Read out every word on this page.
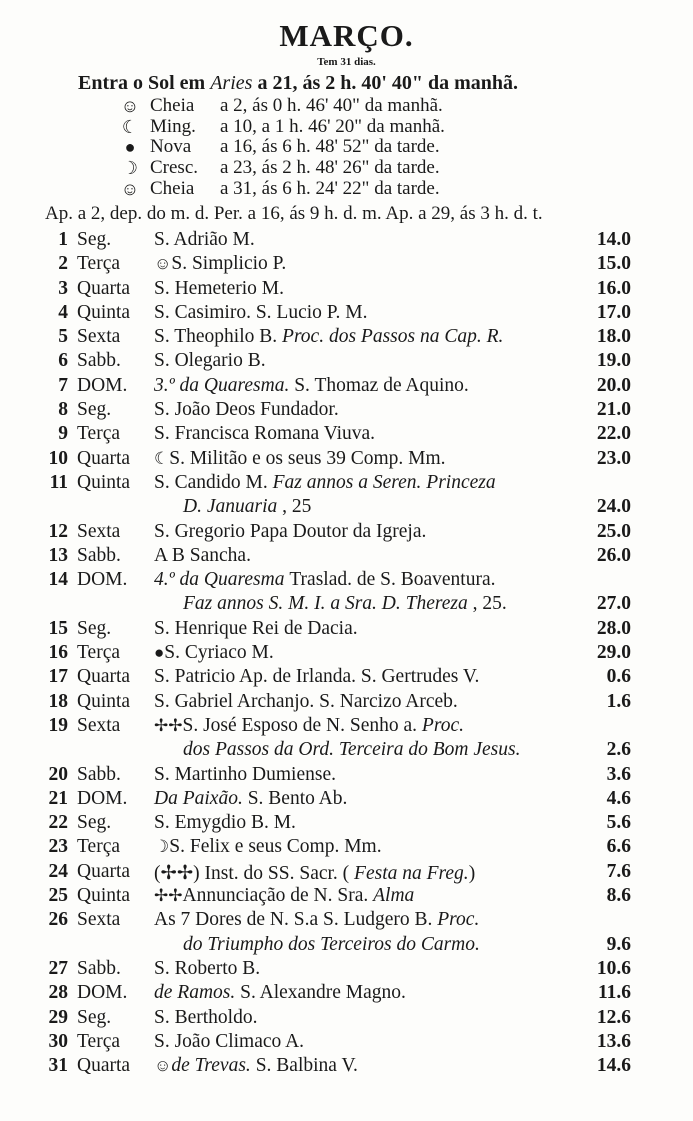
MARÇO.
Tem 31 dias.
Entra o Sol em Aries a 21, ás 2 h. 40' 40" da manhã.
☺ Cheia	a 2, ás 0 h. 46' 40" da manhã.
☾ Ming.	a 10, a 1 h. 46' 20" da manhã.
● Nova	a 16, ás 6 h. 48' 52" da tarde.
☽ Cresc.	a 23, ás 2 h. 48' 26" da tarde.
☺ Cheia	a 31, ás 6 h. 24' 22" da tarde.
Ap. a 2, dep. do m. d. Per. a 16, ás 9 h. d. m. Ap. a 29, ás 3 h. d. t.
1 Seg. S. Adrião M.	14.0
2 Terça ☺S. Simplicio P.	15.0
3 Quarta S. Hemeterio M.	16.0
4 Quinta S. Casimiro. S. Lucio P. M.	17.0
5 Sexta S. Theophilo B. Proc. dos Passos na Cap. R.	18.0
6 Sabb. S. Olegario B.	19.0
7 DOM. 3.º da Quaresma. S. Thomaz de Aquino.	20.0
8 Seg. S. João Deos Fundador.	21.0
9 Terça S. Francisca Romana Viuva.	22.0
10 Quarta ☾S. Militão e os seus 39 Comp. Mm.	23.0
11 Quinta S. Candido M. Faz annos a Seren. Princeza
D. Januaria , 25	24.0
12 Sexta S. Gregorio Papa Doutor da Igreja.	25.0
13 Sabb. A B Sancha.	26.0
14 DOM. 4.º da Quaresma Traslad. de S. Boaventura.
Faz annos S. M. I. a Sra. D. Thereza , 25.	27.0
15 Seg. S. Henrique Rei de Dacia.	28.0
16 Terça ●S. Cyriaco M.	29.0
17 Quarta S. Patricio Ap. de Irlanda. S. Gertrudes V.	0.6
18 Quinta S. Gabriel Archanjo. S. Narcizo Arceb.	1.6
19 Sexta ✢✢S. José Esposo de N. Senho a. Proc.
dos Passos da Ord. Terceira do Bom Jesus.	2.6
20 Sabb. S. Martinho Dumiense.	3.6
21 DOM. Da Paixão. S. Bento Ab.	4.6
22 Seg. S. Emygdio B. M.	5.6
23 Terça ☽S. Felix e seus Comp. Mm.	6.6
24 Quarta (✢✢) Inst. do SS. Sacr. ( Festa na Freg.)	7.6
25 Quinta ✢✢Annunciação de N. Sra. Alma	8.6
26 Sexta As 7 Dores de N. S.a S. Ludgero B. Proc.
do Triumpho dos Terceiros do Carmo.	9.6
27 Sabb. S. Roberto B.	10.6
28 DOM. de Ramos. S. Alexandre Magno.	11.6
29 Seg. S. Bertholdo.	12.6
30 Terça S. João Climaco A.	13.6
31 Quarta ☺de Trevas. S. Balbina V.	14.6
